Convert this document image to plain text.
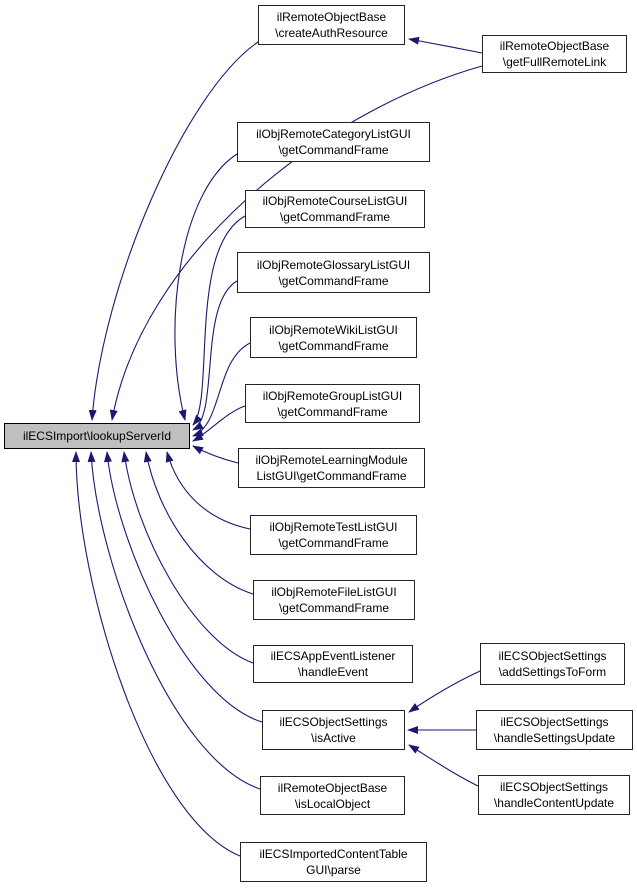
ilECSImport\lookupServerId
ilRemoteObjectBase
\createAuthResource
ilRemoteObjectBase
\getFullRemoteLink
ilObjRemoteCategoryListGUI
\getCommandFrame
ilObjRemoteCourseListGUI
\getCommandFrame
ilObjRemoteGlossaryListGUI
\getCommandFrame
ilObjRemoteWikiListGUI
\getCommandFrame
ilObjRemoteGroupListGUI
\getCommandFrame
ilObjRemoteLearningModule
ListGUI\getCommandFrame
ilObjRemoteTestListGUI
\getCommandFrame
ilObjRemoteFileListGUI
\getCommandFrame
ilECSAppEventListener
\handleEvent
ilECSObjectSettings
\isActive
ilECSObjectSettings
\addSettingsToForm
ilECSObjectSettings
\handleSettingsUpdate
ilECSObjectSettings
\handleContentUpdate
ilRemoteObjectBase
\isLocalObject
ilECSImportedContentTable
GUI\parse
